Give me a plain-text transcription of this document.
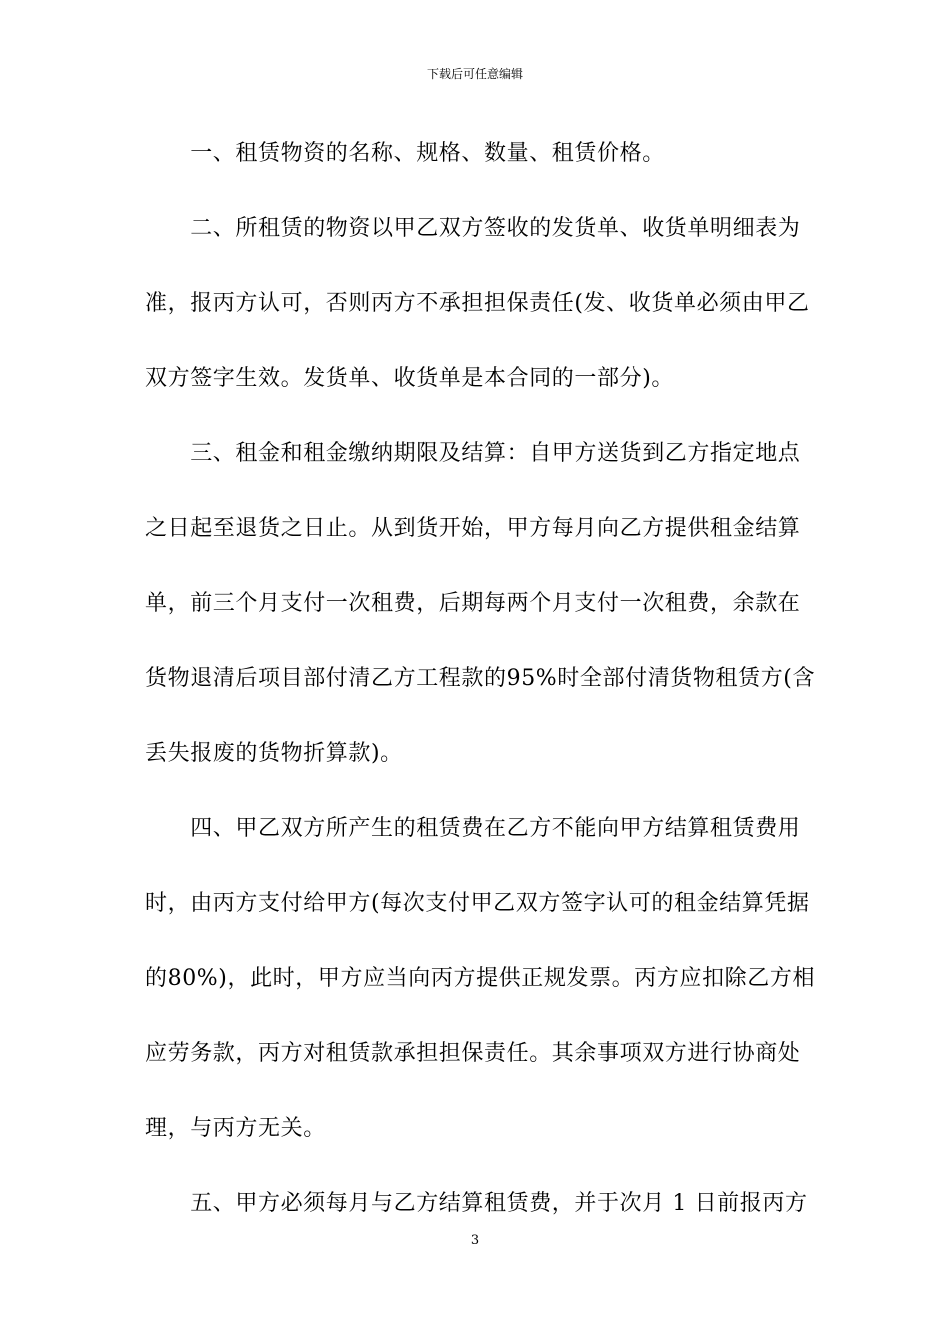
下载后可任意编辑
　　一、租赁物资的名称、规格、数量、租赁价格。
　　二、所租赁的物资以甲乙双方签收的发货单、收货单明细表为
准，报丙方认可，否则丙方不承担担保责任(发、收货单必须由甲乙
双方签字生效。发货单、收货单是本合同的一部分)。
　　三、租金和租金缴纳期限及结算：自甲方送货到乙方指定地点
之日起至退货之日止。从到货开始，甲方每月向乙方提供租金结算
单，前三个月支付一次租费，后期每两个月支付一次租费，余款在
货物退清后项目部付清乙方工程款的95%时全部付清货物租赁方(含
丢失报废的货物折算款)。
　　四、甲乙双方所产生的租赁费在乙方不能向甲方结算租赁费用
时，由丙方支付给甲方(每次支付甲乙双方签字认可的租金结算凭据
的80%)，此时，甲方应当向丙方提供正规发票。丙方应扣除乙方相
应劳务款，丙方对租赁款承担担保责任。其余事项双方进行协商处
理，与丙方无关。
　　五、甲方必须每月与乙方结算租赁费，并于次月 1 日前报丙方
3
